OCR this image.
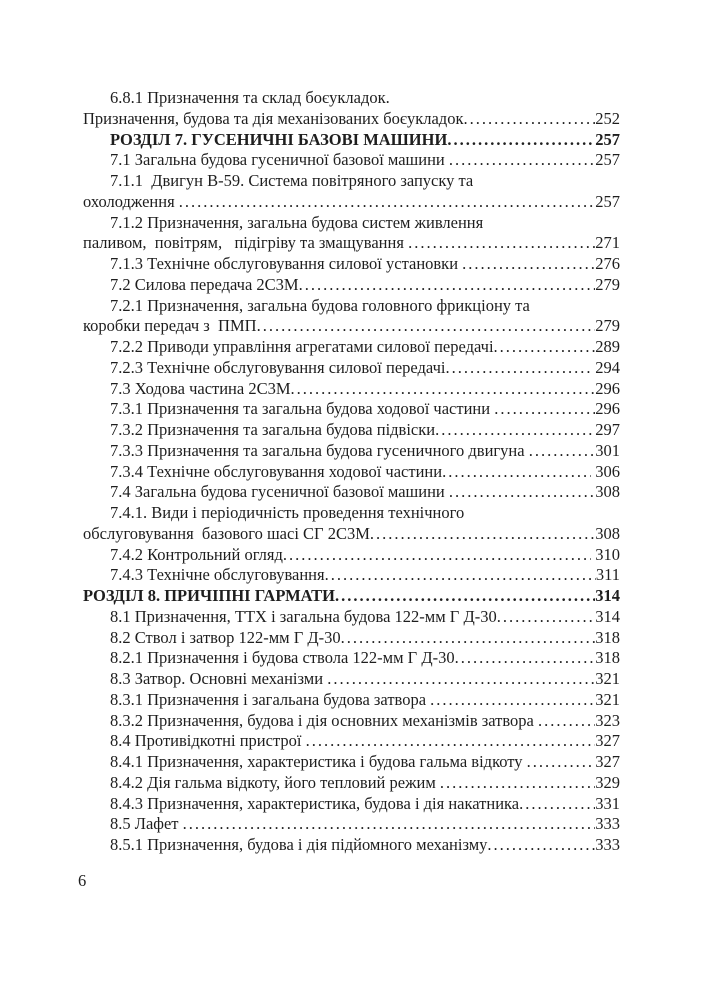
6.8.1 Призначення та склад боєукладок.
Призначення, будова та дія механізованих боєукладок .....	252
РОЗДІЛ 7. ГУСЕНИЧНІ БАЗОВІ МАШИНИ .....	257
7.1 Загальна будова гусеничної базової машини .....	257
7.1.1  Двигун В-59. Система повітряного запуску та
охолодження .....	257
7.1.2 Призначення, загальна будова систем живлення
паливом,  повітрям,   підігріву та змащування .....	271
7.1.3 Технічне обслуговування силової установки .....	276
7.2 Силова передача 2С3М .....	279
7.2.1 Призначення, загальна будова головного фрикціону та
коробки передач з  ПМП .....	279
7.2.2 Приводи управління агрегатами силової передачі .....	289
7.2.3 Технічне обслуговування силової передачі .....	294
7.3 Ходова частина 2С3М .....	296
7.3.1 Призначення та загальна будова ходової частини .....	296
7.3.2 Призначення та загальна будова підвіски .....	297
7.3.3 Призначення та загальна будова гусеничного двигуна .....	301
7.3.4 Технічне обслуговування ходової частини .....	306
7.4 Загальна будова гусеничної базової машини .....	308
7.4.1. Види і періодичність проведення технічного
обслуговування  базового шасі СГ 2С3М .....	308
7.4.2 Контрольний огляд .....	310
7.4.3 Технічне обслуговування .....	311
РОЗДІЛ 8. ПРИЧІПНІ ГАРМАТИ .....	314
8.1 Призначення, ТТХ і загальна будова 122-мм Г Д-30 .....	314
8.2 Ствол і затвор 122-мм Г Д-30 .....	318
8.2.1 Призначення і будова ствола 122-мм Г Д-30 .....	318
8.3 Затвор. Основні механізми .....	321
8.3.1 Призначення і загальана будова затвора .....	321
8.3.2 Призначення, будова і дія основних механізмів затвора .....	323
8.4 Противідкотні пристрої .....	327
8.4.1 Призначення, характеристика і будова гальма відкоту .....	327
8.4.2 Дія гальма відкоту, його тепловий режим .....	329
8.4.3 Призначення, характеристика, будова і дія накатника .....	331
8.5 Лафет .....	333
8.5.1 Призначення, будова і дія підйомного механізму .....	333
6
